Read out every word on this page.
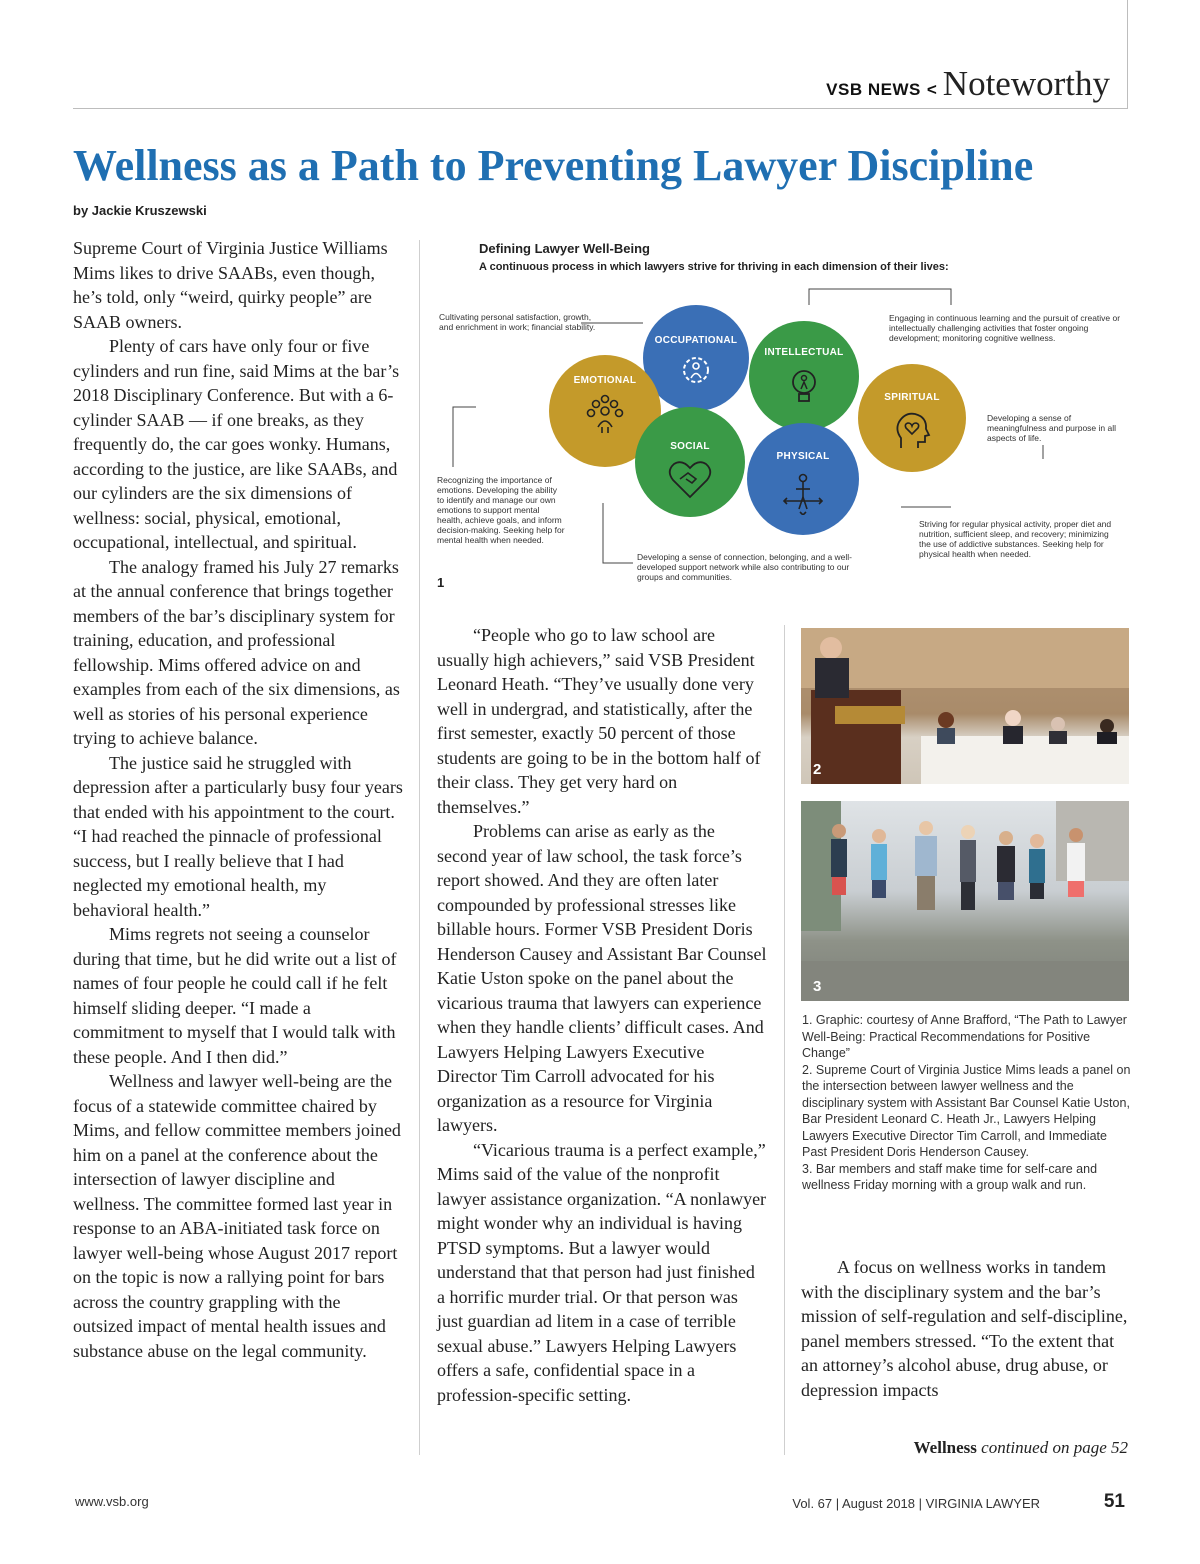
VSB NEWS < Noteworthy
Wellness as a Path to Preventing Lawyer Discipline
by Jackie Kruszewski

Supreme Court of Virginia Justice Williams Mims likes to drive SAABs, even though, he’s told, only “weird, quirky people” are SAAB owners.

Plenty of cars have only four or five cylinders and run fine, said Mims at the bar’s 2018 Disciplinary Conference. But with a 6-cylinder SAAB — if one breaks, as they frequently do, the car goes wonky. Humans, according to the justice, are like SAABs, and our cylinders are the six dimensions of wellness: social, physical, emotional, occupational, intellectual, and spiritual.

The analogy framed his July 27 remarks at the annual conference that brings together members of the bar’s disciplinary system for training, education, and professional fellowship. Mims offered advice on and examples from each of the six dimensions, as well as stories of his personal experience trying to achieve balance.

The justice said he struggled with depression after a particularly busy four years that ended with his appointment to the court. “I had reached the pinnacle of professional success, but I really believe that I had neglected my emotional health, my behavioral health.”

Mims regrets not seeing a counselor during that time, but he did write out a list of names of four people he could call if he felt himself sliding deeper. “I made a commitment to myself that I would talk with these people. And I then did.”

Wellness and lawyer well-being are the focus of a statewide committee chaired by Mims, and fellow committee members joined him on a panel at the conference about the intersection of lawyer discipline and wellness. The committee formed last year in response to an ABA-initiated task force on lawyer well-being whose August 2017 report on the topic is now a rallying point for bars across the country grappling with the outsized impact of mental health issues and substance abuse on the legal community.

Defining Lawyer Well-Being
A continuous process in which lawyers strive for thriving in each dimension of their lives:
Cultivating personal satisfaction, growth, and enrichment in work; financial stability.
Engaging in continuous learning and the pursuit of creative or intellectually challenging activities that foster ongoing development; monitoring cognitive wellness.
Developing a sense of meaningfulness and purpose in all aspects of life.
Recognizing the importance of emotions. Developing the ability to identify and manage our own emotions to support mental health, achieve goals, and inform decision-making. Seeking help for mental health when needed.
Developing a sense of connection, belonging, and a well-developed support network while also contributing to our groups and communities.
Striving for regular physical activity, proper diet and nutrition, sufficient sleep, and recovery; minimizing the use of addictive substances. Seeking help for physical health when needed.
OCCUPATIONAL
INTELLECTUAL
EMOTIONAL
SPIRITUAL
SOCIAL
PHYSICAL
1

“People who go to law school are usually high achievers,” said VSB President Leonard Heath. “They’ve usually done very well in undergrad, and statistically, after the first semester, exactly 50 percent of those students are going to be in the bottom half of their class. They get very hard on themselves.”

Problems can arise as early as the second year of law school, the task force’s report showed. And they are often later compounded by professional stresses like billable hours. Former VSB President Doris Henderson Causey and Assistant Bar Counsel Katie Uston spoke on the panel about the vicarious trauma that lawyers can experience when they handle clients’ difficult cases. And Lawyers Helping Lawyers Executive Director Tim Carroll advocated for his organization as a resource for Virginia lawyers.

“Vicarious trauma is a perfect example,” Mims said of the value of the nonprofit lawyer assistance organization. “A nonlawyer might wonder why an individual is having PTSD symptoms. But a lawyer would understand that that person had just finished a horrific murder trial. Or that person was just guardian ad litem in a case of terrible sexual abuse.” Lawyers Helping Lawyers offers a safe, confidential space in a profession-specific setting.

2
3

1. Graphic: courtesy of Anne Brafford, “The Path to Lawyer Well-Being: Practical Recommendations for Positive Change”

2. Supreme Court of Virginia Justice Mims leads a panel on the intersection between lawyer wellness and the disciplinary system with Assistant Bar Counsel Katie Uston, Bar President Leonard C. Heath Jr., Lawyers Helping Lawyers Executive Director Tim Carroll, and Immediate Past President Doris Henderson Causey.

3. Bar members and staff make time for self-care and wellness Friday morning with a group walk and run.

A focus on wellness works in tandem with the disciplinary system and the bar’s mission of self-regulation and self-discipline, panel members stressed. “To the extent that an attorney’s alcohol abuse, drug abuse, or depression impacts

Wellness continued on page 52
www.vsb.org	Vol. 67 | August 2018 | VIRGINIA LAWYER	51
